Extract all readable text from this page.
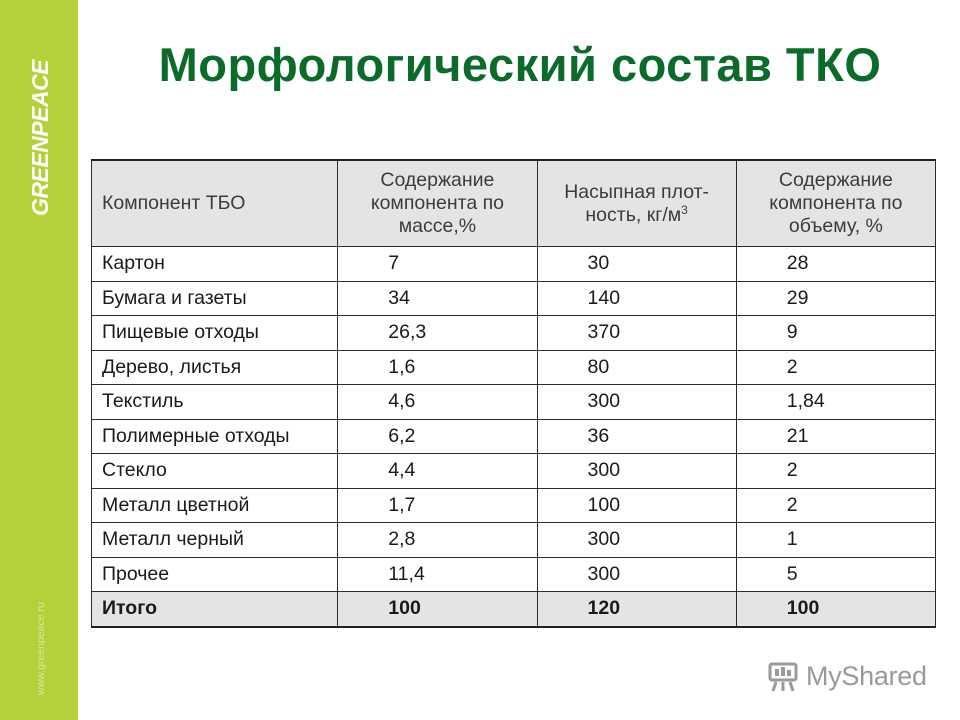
GREENPEACE
www.greenpeace.ru
Морфологический состав ТКО
Компонент ТБО	Содержание компонента по массе,%	Насыпная плот-ность, $кг/м^3$	Содержание компонента по объему, %
Картон	7	30	28
Бумага и газеты	34	140	29
Пищевые отходы	26,3	370	9
Дерево, листья	1,6	80	2
Текстиль	4,6	300	1,84
Полимерные отходы	6,2	36	21
Стекло	4,4	300	2
Металл цветной	1,7	100	2
Металл черный	2,8	300	1
Прочее	11,4	300	5
Итого	100	120	100
MyShared
